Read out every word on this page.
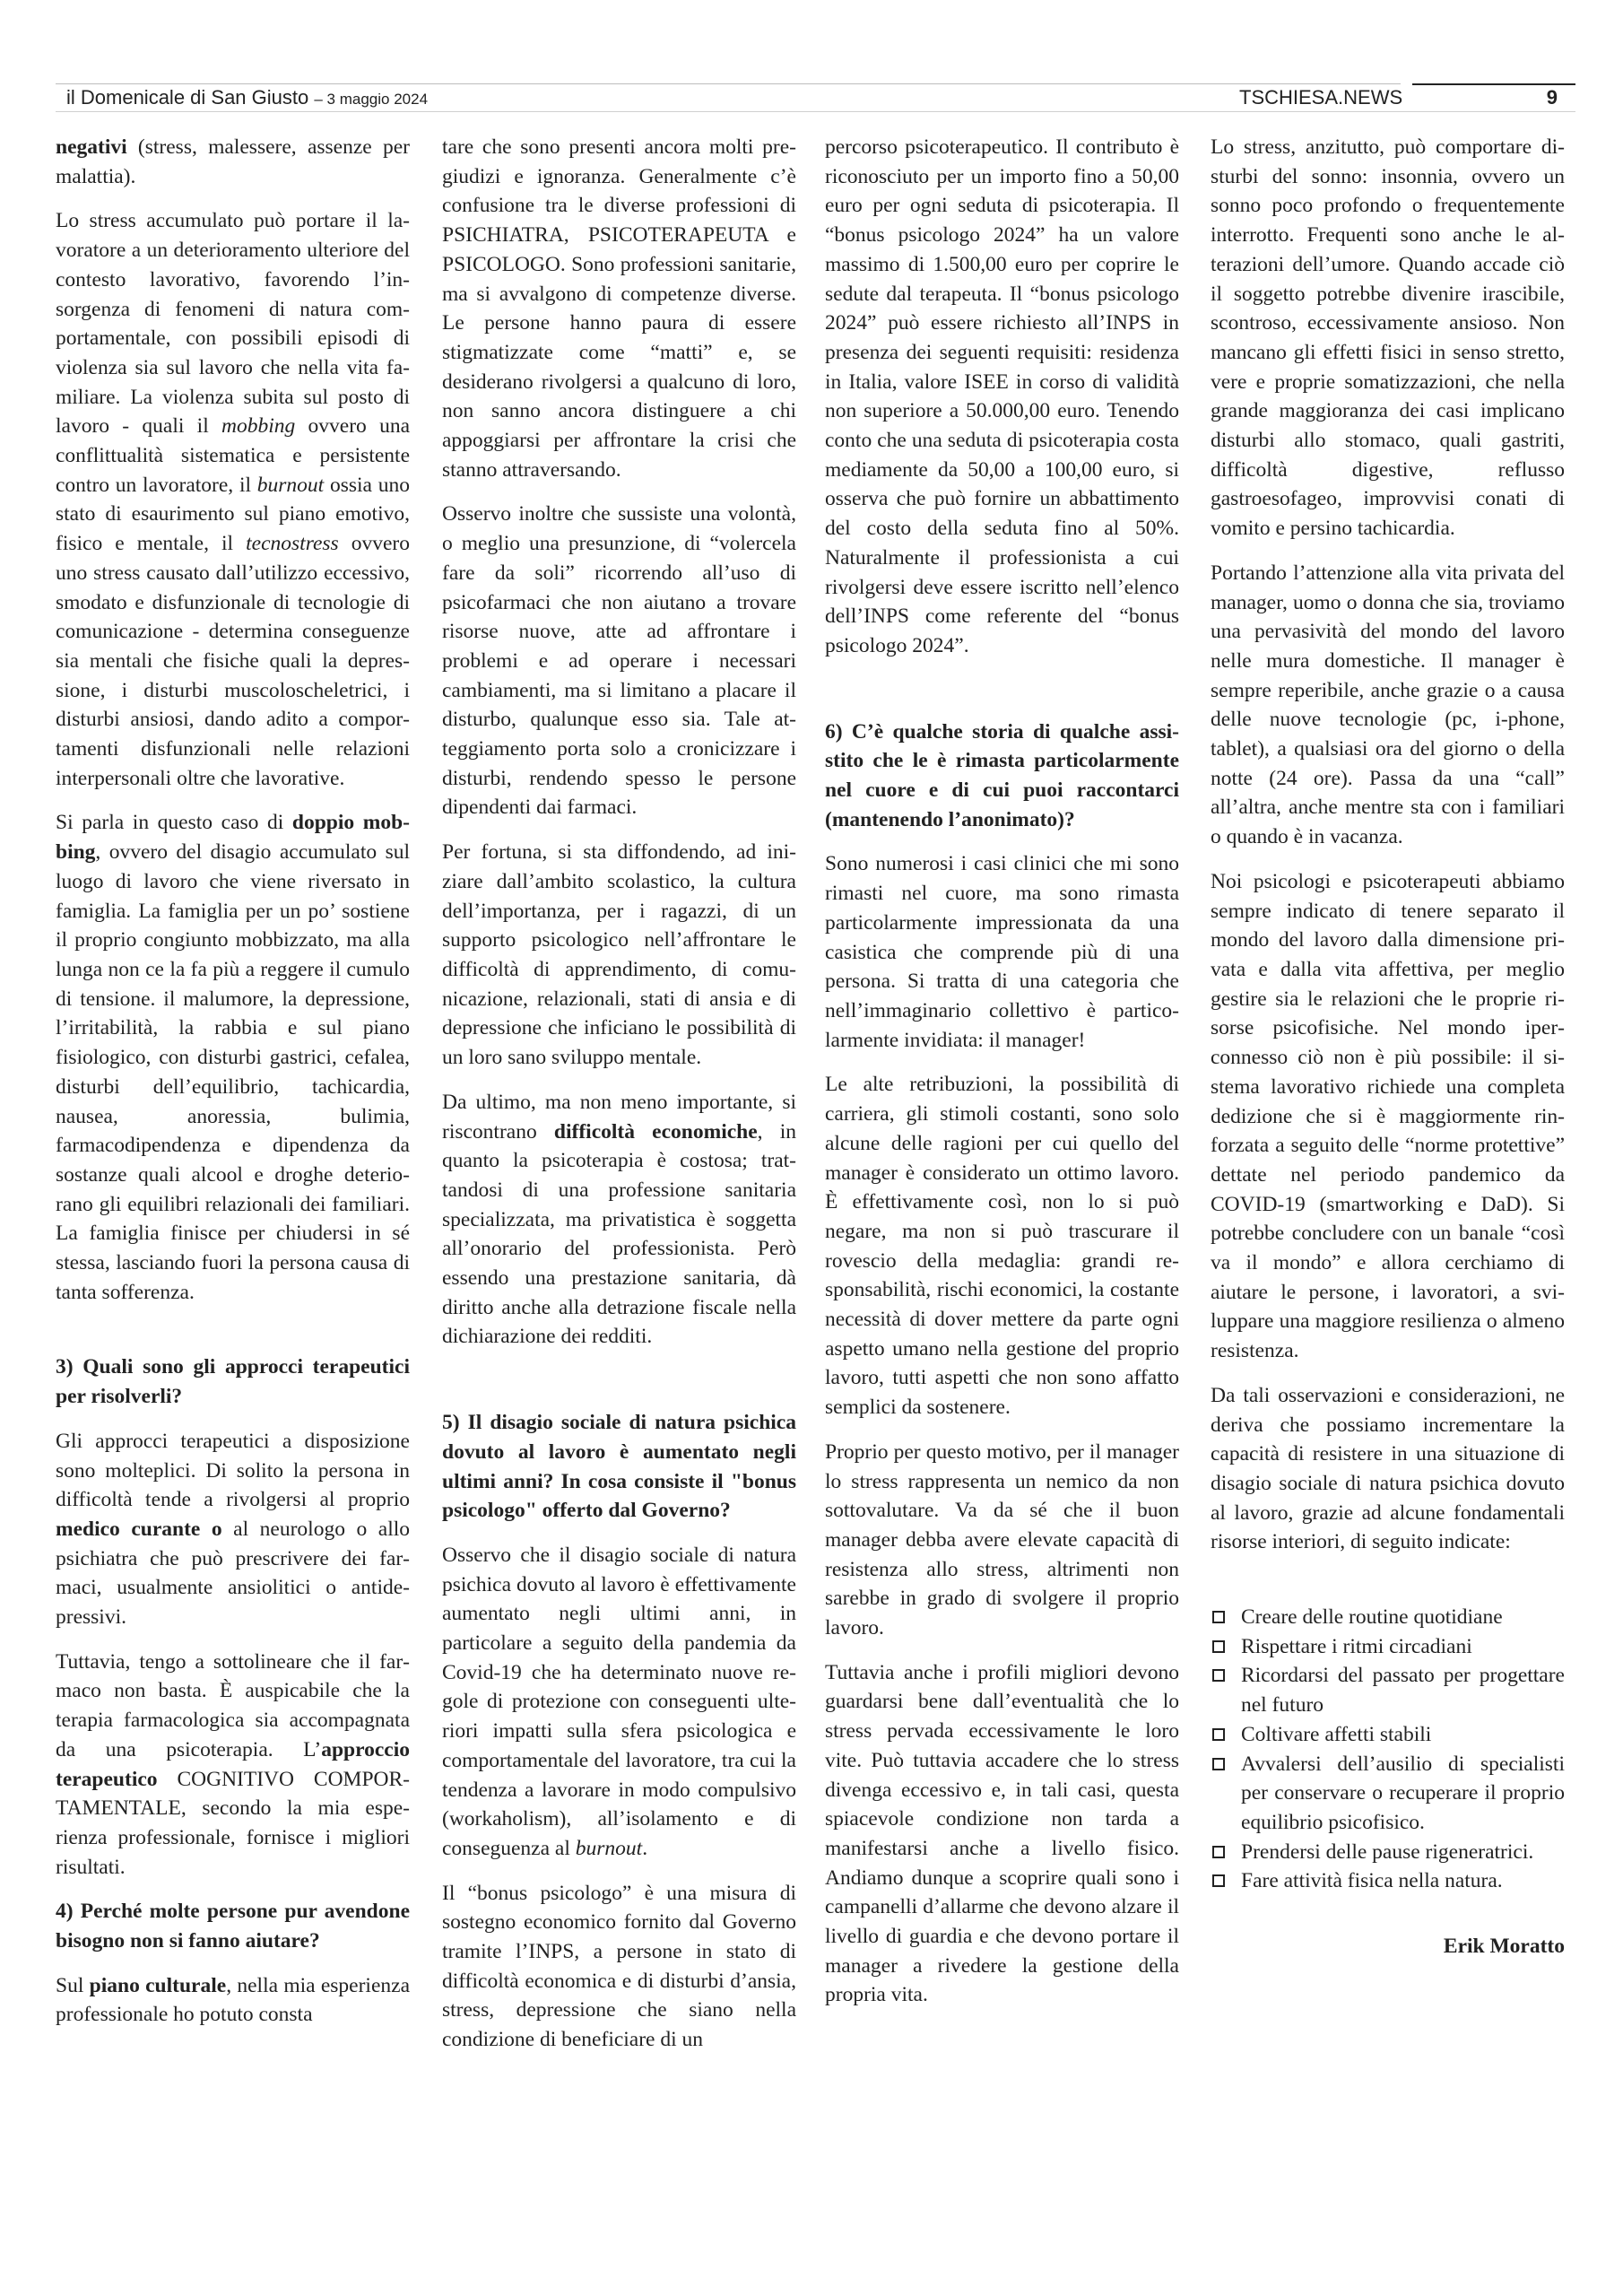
il Domenicale di San Giusto – 3 maggio 2024	TSCHIESA.NEWS	9

negativi (stress, malessere, assenze per malattia).

Lo stress accumulato può portare il lavoratore a un deterioramento ulteriore del contesto lavorativo, favorendo l’insorgenza di fenomeni di natura comportamentale, con possibili episodi di violenza sia sul lavoro che nella vita familiare. La violenza subita sul posto di lavoro - quali il mobbing ovvero una conflittualità sistematica e persistente contro un lavoratore, il burnout ossia uno stato di esaurimento sul piano emotivo, fisico e mentale, il tecnostress ovvero uno stress causato dall’utilizzo eccessivo, smodato e disfunzionale di tecnologie di comunicazione - determina conseguenze sia mentali che fisiche quali la depressione, i disturbi muscoloscheletrici, i disturbi ansiosi, dando adito a comportamenti disfunzionali nelle relazioni interpersonali oltre che lavorative.

Si parla in questo caso di doppio mobbing, ovvero del disagio accumulato sul luogo di lavoro che viene riversato in famiglia. La famiglia per un po’ sostiene il proprio congiunto mobbizzato, ma alla lunga non ce la fa più a reggere il cumulo di tensione. il malumore, la depressione, l’irritabilità, la rabbia e sul piano fisiologico, con disturbi gastrici, cefalea, disturbi dell’equilibrio, tachicardia, nausea, anoressia, bulimia, farmacodipendenza e dipendenza da sostanze quali alcool e droghe deteriorano gli equilibri relazionali dei familiari. La famiglia finisce per chiudersi in sé stessa, lasciando fuori la persona causa di tanta sofferenza.

3) Quali sono gli approcci terapeutici per risolverli?

Gli approcci terapeutici a disposizione sono molteplici. Di solito la persona in difficoltà tende a rivolgersi al proprio medico curante o al neurologo o allo psichiatra che può prescrivere dei farmaci, usualmente ansiolitici o antidepressivi.

Tuttavia, tengo a sottolineare che il farmaco non basta. È auspicabile che la terapia farmacologica sia accompagnata da una psicoterapia. L’approccio terapeutico COGNITIVO COMPORTAMENTALE, secondo la mia esperienza professionale, fornisce i migliori risultati.

4) Perché molte persone pur avendone bisogno non si fanno aiutare?

Sul piano culturale, nella mia esperienza professionale ho potuto consta

tare che sono presenti ancora molti pregiudizi e ignoranza. Generalmente c’è confusione tra le diverse professioni di PSICHIATRA, PSICOTERAPEUTA e PSICOLOGO. Sono professioni sanitarie, ma si avvalgono di competenze diverse. Le persone hanno paura di essere stigmatizzate come “matti” e, se desiderano rivolgersi a qualcuno di loro, non sanno ancora distinguere a chi appoggiarsi per affrontare la crisi che stanno attraversando.

Osservo inoltre che sussiste una volontà, o meglio una presunzione, di “volercela fare da soli” ricorrendo all’uso di psicofarmaci che non aiutano a trovare risorse nuove, atte ad affrontare i problemi e ad operare i necessari cambiamenti, ma si limitano a placare il disturbo, qualunque esso sia. Tale atteggiamento porta solo a cronicizzare i disturbi, rendendo spesso le persone dipendenti dai farmaci.

Per fortuna, si sta diffondendo, ad iniziare dall’ambito scolastico, la cultura dell’importanza, per i ragazzi, di un supporto psicologico nell’affrontare le difficoltà di apprendimento, di comunicazione, relazionali, stati di ansia e di depressione che inficiano le possibilità di un loro sano sviluppo mentale.

Da ultimo, ma non meno importante, si riscontrano difficoltà economiche, in quanto la psicoterapia è costosa; trattandosi di una professione sanitaria specializzata, ma privatistica è soggetta all’onorario del professionista. Però essendo una prestazione sanitaria, dà diritto anche alla detrazione fiscale nella dichiarazione dei redditi.

5) Il disagio sociale di natura psichica dovuto al lavoro è aumentato negli ultimi anni? In cosa consiste il "bonus psicologo" offerto dal Governo?

Osservo che il disagio sociale di natura psichica dovuto al lavoro è effettivamente aumentato negli ultimi anni, in particolare a seguito della pandemia da Covid-19 che ha determinato nuove regole di protezione con conseguenti ulteriori impatti sulla sfera psicologica e comportamentale del lavoratore, tra cui la tendenza a lavorare in modo compulsivo (workaholism), all’isolamento e di conseguenza al burnout.

Il “bonus psicologo” è una misura di sostegno economico fornito dal Governo tramite l’INPS, a persone in stato di difficoltà economica e di disturbi d’ansia, stress, depressione che siano nella condizione di beneficiare di un

percorso psicoterapeutico. Il contributo è riconosciuto per un importo fino a 50,00 euro per ogni seduta di psicoterapia. Il “bonus psicologo 2024” ha un valore massimo di 1.500,00 euro per coprire le sedute dal terapeuta. Il “bonus psicologo 2024” può essere richiesto all’INPS in presenza dei seguenti requisiti: residenza in Italia, valore ISEE in corso di validità non superiore a 50.000,00 euro. Tenendo conto che una seduta di psicoterapia costa mediamente da 50,00 a 100,00 euro, si osserva che può fornire un abbattimento del costo della seduta fino al 50%. Naturalmente il professionista a cui rivolgersi deve essere iscritto nell’elenco dell’INPS come referente del “bonus psicologo 2024”.

6) C’è qualche storia di qualche assistito che le è rimasta particolarmente nel cuore e di cui puoi raccontarci (mantenendo l’anonimato)?

Sono numerosi i casi clinici che mi sono rimasti nel cuore, ma sono rimasta particolarmente impressionata da una casistica che comprende più di una persona. Si tratta di una categoria che nell’immaginario collettivo è particolarmente invidiata: il manager!

Le alte retribuzioni, la possibilità di carriera, gli stimoli costanti, sono solo alcune delle ragioni per cui quello del manager è considerato un ottimo lavoro. È effettivamente così, non lo si può negare, ma non si può trascurare il rovescio della medaglia: grandi responsabilità, rischi economici, la costante necessità di dover mettere da parte ogni aspetto umano nella gestione del proprio lavoro, tutti aspetti che non sono affatto semplici da sostenere.

Proprio per questo motivo, per il manager lo stress rappresenta un nemico da non sottovalutare. Va da sé che il buon manager debba avere elevate capacità di resistenza allo stress, altrimenti non sarebbe in grado di svolgere il proprio lavoro.

Tuttavia anche i profili migliori devono guardarsi bene dall’eventualità che lo stress pervada eccessivamente le loro vite. Può tuttavia accadere che lo stress divenga eccessivo e, in tali casi, questa spiacevole condizione non tarda a manifestarsi anche a livello fisico. Andiamo dunque a scoprire quali sono i campanelli d’allarme che devono alzare il livello di guardia e che devono portare il manager a rivedere la gestione della propria vita.

Lo stress, anzitutto, può comportare disturbi del sonno: insonnia, ovvero un sonno poco profondo o frequentemente interrotto. Frequenti sono anche le alterazioni dell’umore. Quando accade ciò il soggetto potrebbe divenire irascibile, scontroso, eccessivamente ansioso. Non mancano gli effetti fisici in senso stretto, vere e proprie somatizzazioni, che nella grande maggioranza dei casi implicano disturbi allo stomaco, quali gastriti, difficoltà digestive, reflusso gastroesofageo, improvvisi conati di vomito e persino tachicardia.

Portando l’attenzione alla vita privata del manager, uomo o donna che sia, troviamo una pervasività del mondo del lavoro nelle mura domestiche. Il manager è sempre reperibile, anche grazie o a causa delle nuove tecnologie (pc, i-phone, tablet), a qualsiasi ora del giorno o della notte (24 ore). Passa da una “call” all’altra, anche mentre sta con i familiari o quando è in vacanza.

Noi psicologi e psicoterapeuti abbiamo sempre indicato di tenere separato il mondo del lavoro dalla dimensione privata e dalla vita affettiva, per meglio gestire sia le relazioni che le proprie risorse psicofisiche. Nel mondo iperconnesso ciò non è più possibile: il sistema lavorativo richiede una completa dedizione che si è maggiormente rinforzata a seguito delle “norme protettive” dettate nel periodo pandemico da COVID-19 (smartworking e DaD). Si potrebbe concludere con un banale “così va il mondo” e allora cerchiamo di aiutare le persone, i lavoratori, a sviluppare una maggiore resilienza o almeno resistenza.

Da tali osservazioni e considerazioni, ne deriva che possiamo incrementare la capacità di resistere in una situazione di disagio sociale di natura psichica dovuto al lavoro, grazie ad alcune fondamentali risorse interiori, di seguito indicate:

Creare delle routine quotidiane
Rispettare i ritmi circadiani
Ricordarsi del passato per progettare nel futuro
Coltivare affetti stabili
Avvalersi dell’ausilio di specialisti per conservare o recuperare il proprio equilibrio psicofisico.
Prendersi delle pause rigeneratrici.
Fare attività fisica nella natura.

Erik Moratto
